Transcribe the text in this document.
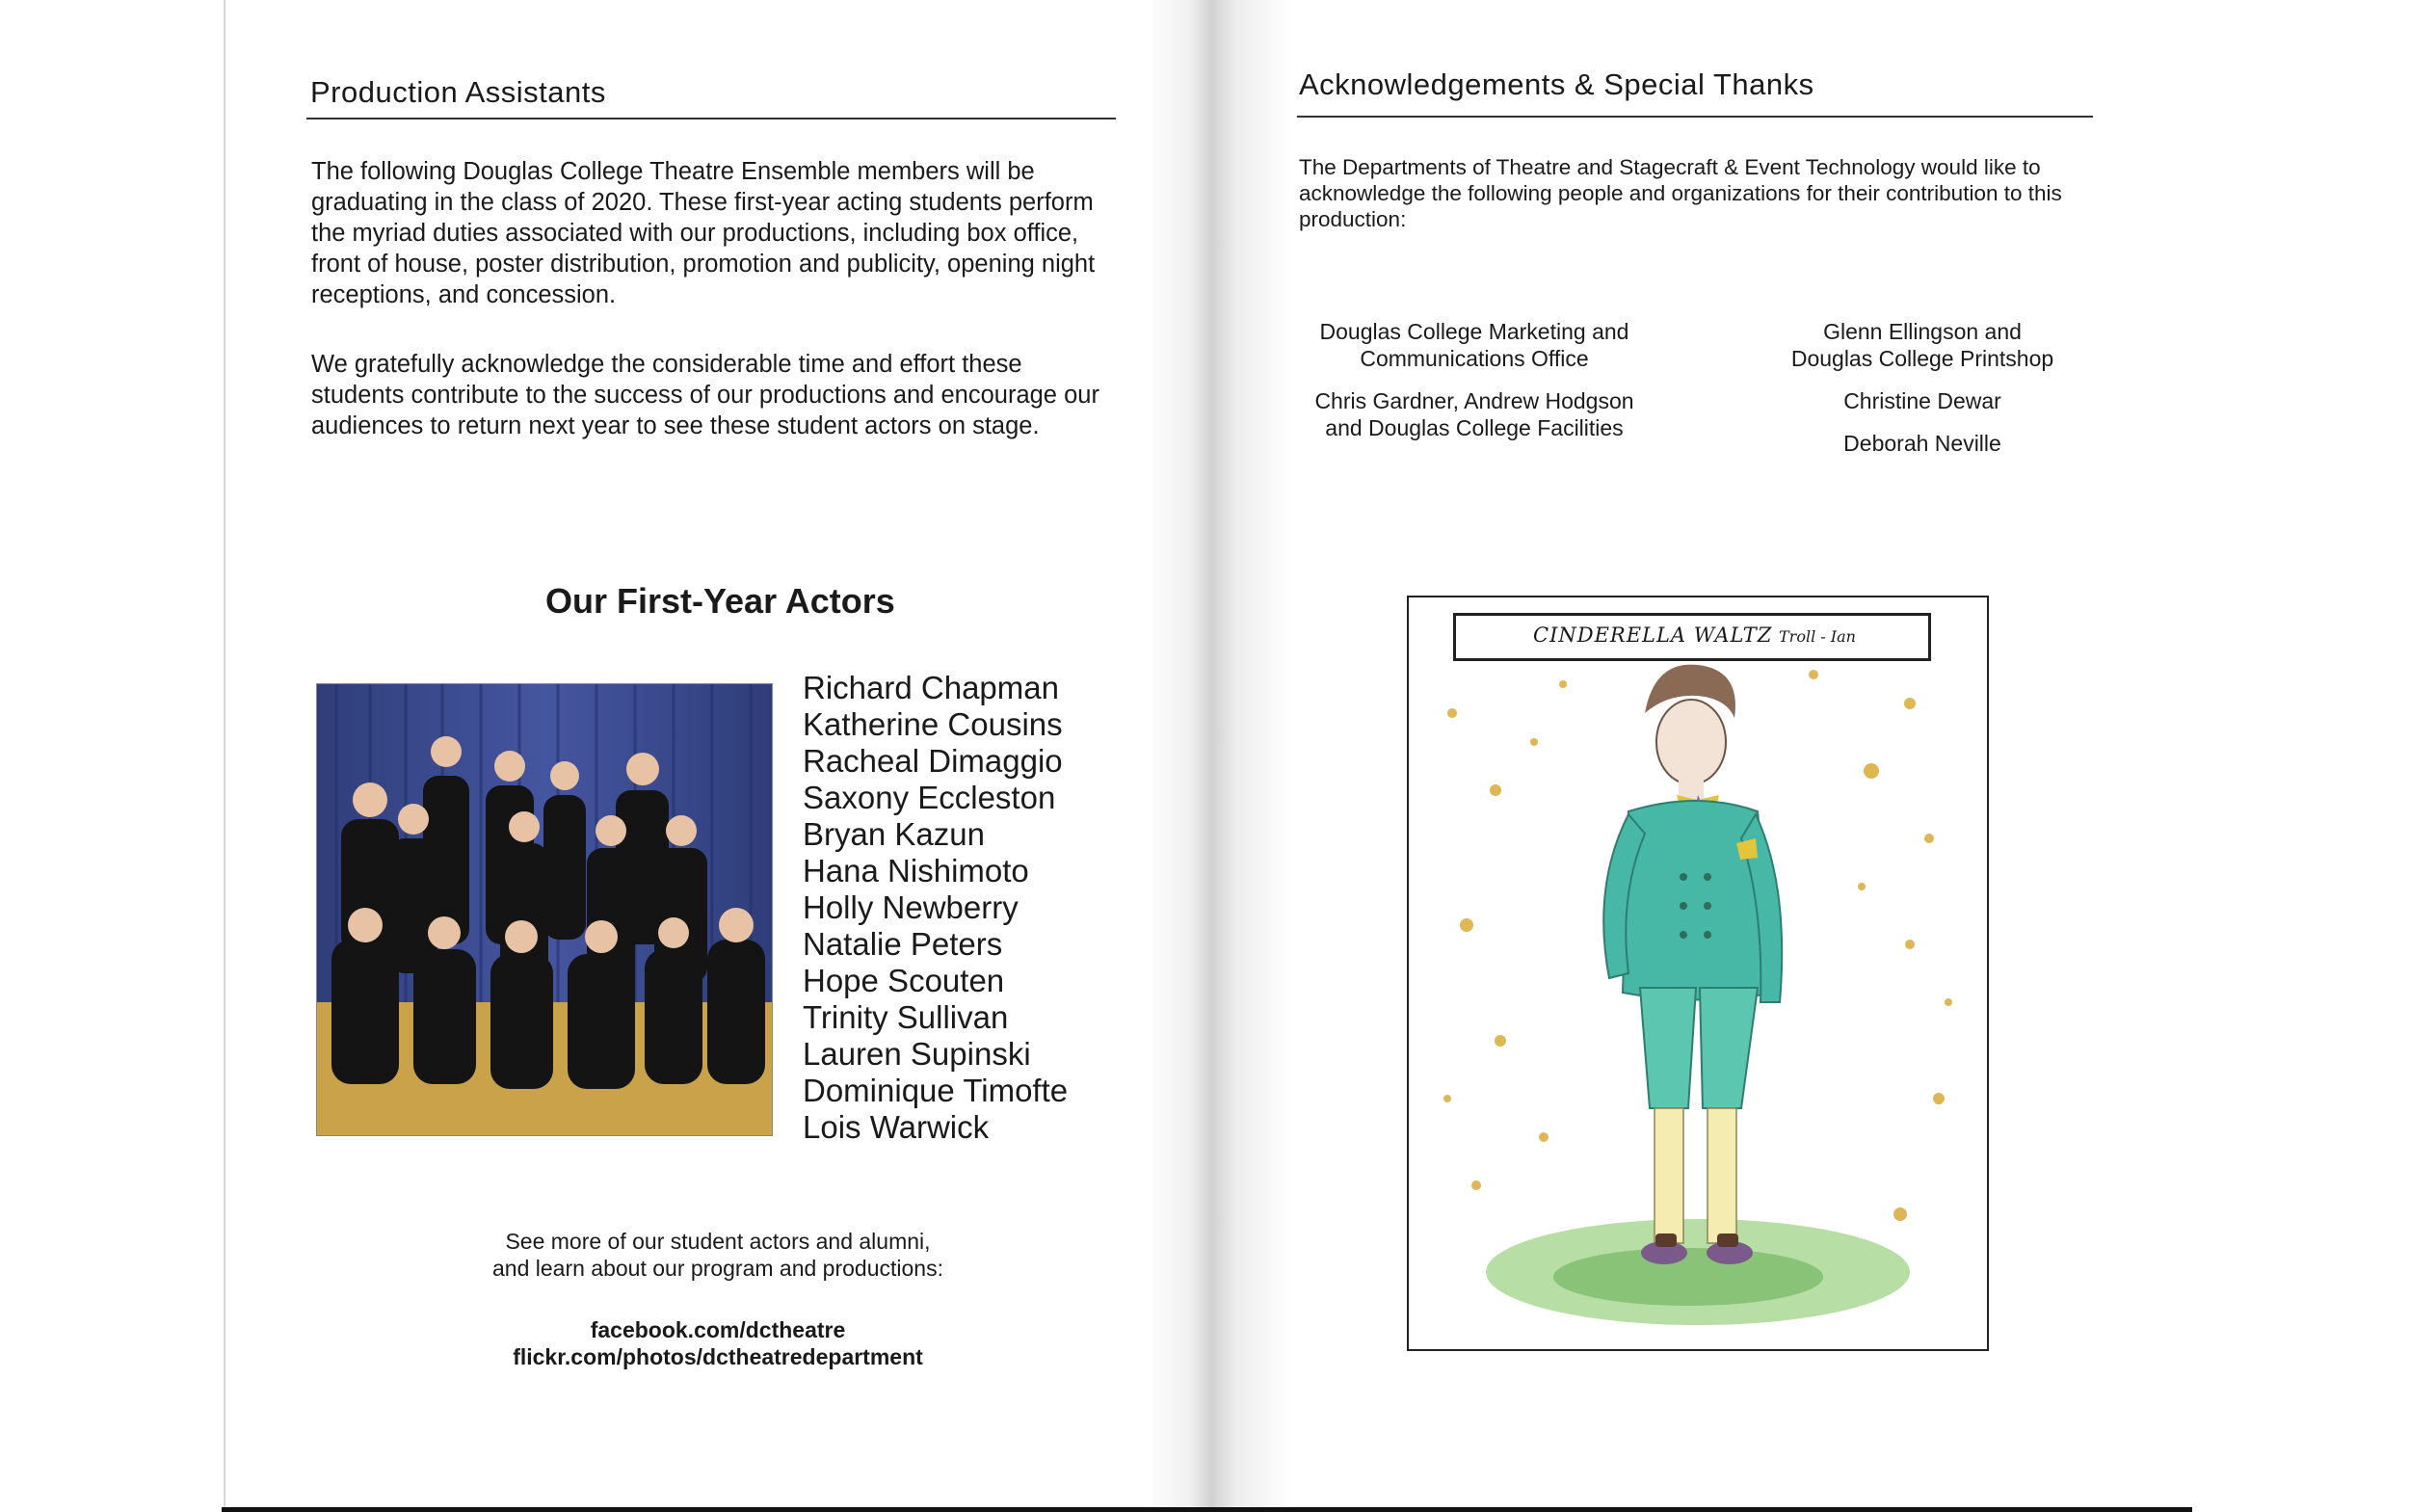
Production Assistants

The following Douglas College Theatre Ensemble members will be graduating in the class of 2020. These first-year acting students perform the myriad duties associated with our productions, including box office, front of house, poster distribution, promotion and publicity, opening night receptions, and concession.

We gratefully acknowledge the considerable time and effort these students contribute to the success of our productions and encourage our audiences to return next year to see these student actors on stage.

Our First-Year Actors
Richard Chapman
Katherine Cousins
Racheal Dimaggio
Saxony Eccleston
Bryan Kazun
Hana Nishimoto
Holly Newberry
Natalie Peters
Hope Scouten
Trinity Sullivan
Lauren Supinski
Dominique Timofte
Lois Warwick
See more of our student actors and alumni,
and learn about our program and productions:
facebook.com/dctheatre
flickr.com/photos/dctheatredepartment
Acknowledgements & Special Thanks

The Departments of Theatre and Stagecraft & Event Technology would like to acknowledge the following people and organizations for their contribution to this production:

Douglas College Marketing and
Communications Office
Chris Gardner, Andrew Hodgson
and Douglas College Facilities
Glenn Ellingson and
Douglas College Printshop
Christine Dewar
Deborah Neville
CINDERELLA WALTZ Troll - Ian
